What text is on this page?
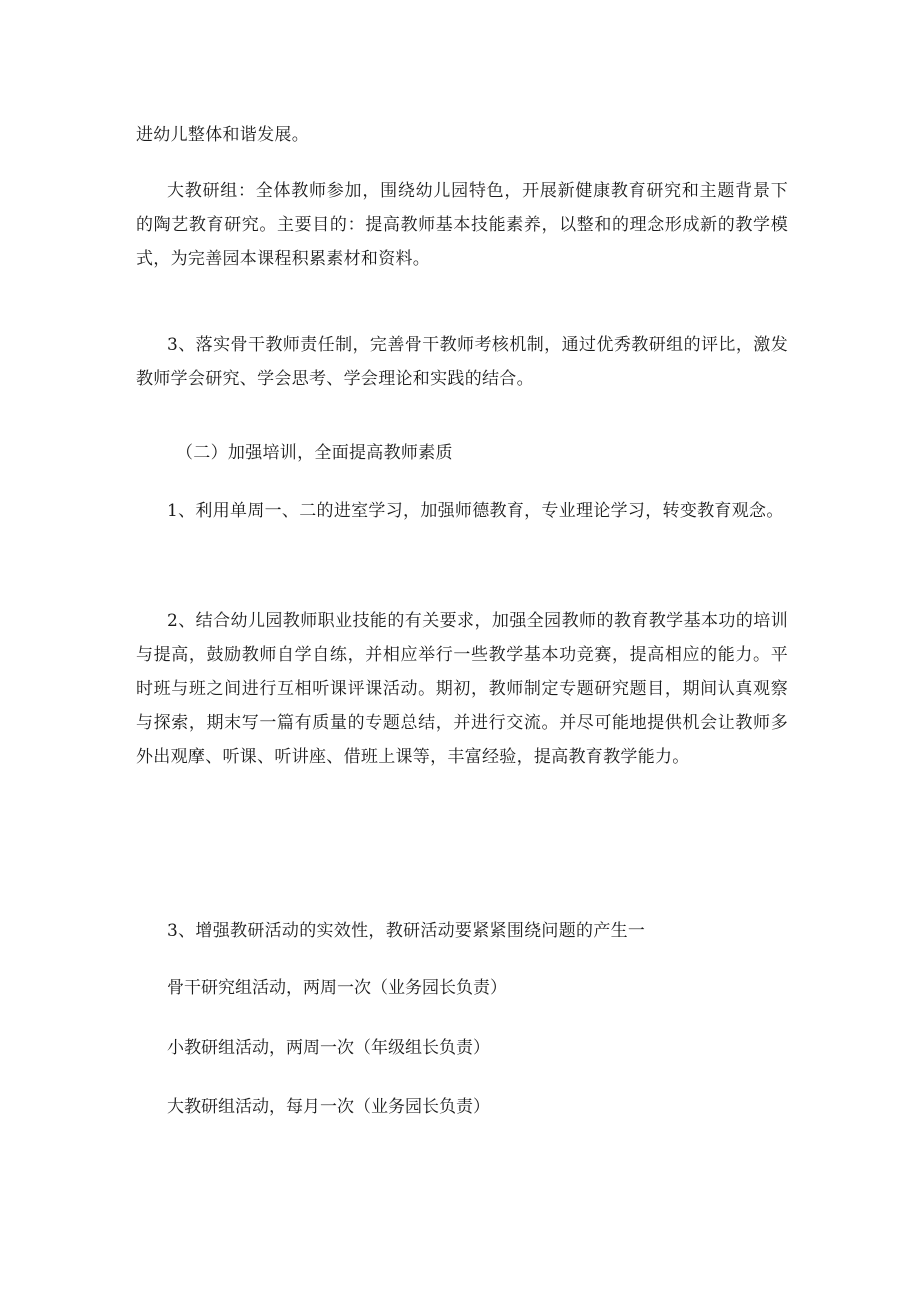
进幼儿整体和谐发展。

大教研组：全体教师参加，围绕幼儿园特色，开展新健康教育研究和主题背景下的陶艺教育研究。主要目的：提高教师基本技能素养，以整和的理念形成新的教学模式，为完善园本课程积累素材和资料。

3、落实骨干教师责任制，完善骨干教师考核机制，通过优秀教研组的评比，激发教师学会研究、学会思考、学会理论和实践的结合。

（二）加强培训，全面提高教师素质

1、利用单周一、二的进室学习，加强师德教育，专业理论学习，转变教育观念。

2、结合幼儿园教师职业技能的有关要求，加强全园教师的教育教学基本功的培训与提高，鼓励教师自学自练，并相应举行一些教学基本功竞赛，提高相应的能力。平时班与班之间进行互相听课评课活动。期初，教师制定专题研究题目，期间认真观察与探索，期末写一篇有质量的专题总结，并进行交流。并尽可能地提供机会让教师多外出观摩、听课、听讲座、借班上课等，丰富经验，提高教育教学能力。

3、增强教研活动的实效性，教研活动要紧紧围绕问题的产生一

骨干研究组活动，两周一次（业务园长负责）

小教研组活动，两周一次（年级组长负责）

大教研组活动，每月一次（业务园长负责）
